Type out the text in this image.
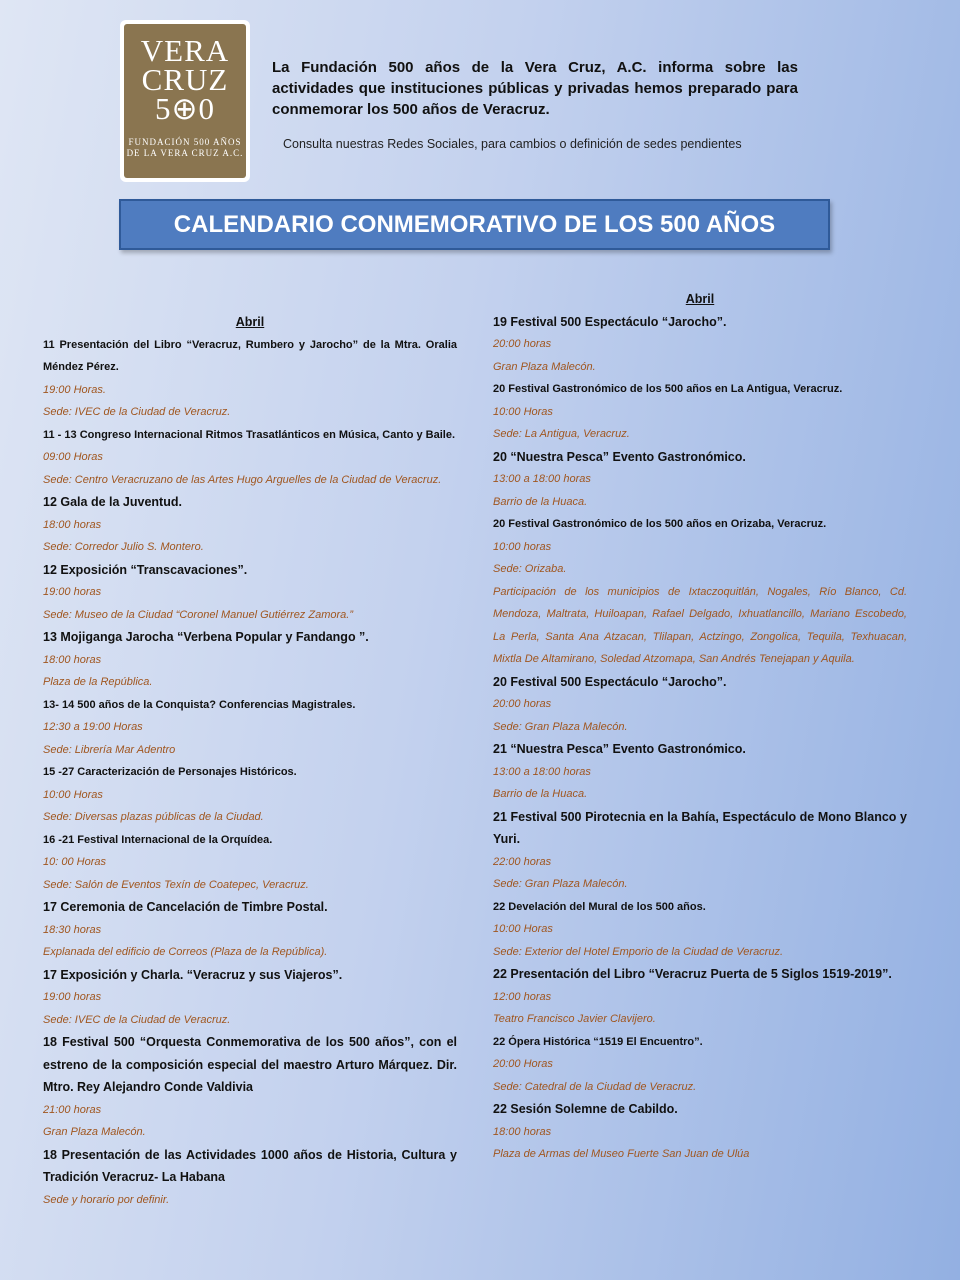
VERA
CRUZ
5⊕0
FUNDACIÓN 500 AÑOS
DE LA VERA CRUZ A.C.
La Fundación 500 años de la Vera Cruz, A.C. informa sobre las actividades que instituciones públicas y privadas hemos preparado para conmemorar los 500 años de Veracruz.
Consulta nuestras Redes Sociales, para cambios o definición de sedes pendientes
CALENDARIO CONMEMORATIVO DE LOS 500 AÑOS
Abril
11 Presentación del Libro “Veracruz, Rumbero y Jarocho” de la Mtra. Oralia Méndez Pérez.
19:00 Horas.
Sede: IVEC de la Ciudad de Veracruz.
11 - 13 Congreso Internacional Ritmos Trasatlánticos en Música, Canto y Baile.
09:00 Horas
Sede: Centro Veracruzano de las Artes Hugo Arguelles de la Ciudad de Veracruz.
12 Gala de la Juventud.
18:00 horas
Sede: Corredor Julio S. Montero.
12 Exposición “Transcavaciones”.
19:00 horas
Sede: Museo de la Ciudad “Coronel Manuel Gutiérrez Zamora.”
13 Mojiganga Jarocha “Verbena Popular y Fandango ”.
18:00 horas
Plaza de la República.
13- 14 500 años de la Conquista? Conferencias Magistrales.
12:30 a 19:00 Horas
Sede: Librería Mar Adentro
15 -27 Caracterización de Personajes Históricos.
10:00 Horas
Sede: Diversas plazas públicas de la Ciudad.
16 -21 Festival Internacional de la Orquídea.
10: 00 Horas
Sede: Salón de Eventos Texín de Coatepec, Veracruz.
17 Ceremonia de Cancelación de Timbre Postal.
18:30 horas
Explanada del edificio de Correos (Plaza de la República).
17 Exposición y Charla. “Veracruz y sus Viajeros”.
19:00 horas
Sede: IVEC de la Ciudad de Veracruz.
18 Festival 500 “Orquesta Conmemorativa de los 500 años”, con el estreno de la composición especial del maestro Arturo Márquez. Dir. Mtro. Rey Alejandro Conde Valdivia
21:00 horas
Gran Plaza Malecón.
18 Presentación de las Actividades 1000 años de Historia, Cultura y Tradición Veracruz- La Habana
Sede y horario por definir.
Abril
19 Festival 500 Espectáculo “Jarocho”.
20:00 horas
Gran Plaza Malecón.
20 Festival Gastronómico de los 500 años en La Antigua, Veracruz.
10:00 Horas
Sede: La Antigua, Veracruz.
20 “Nuestra Pesca” Evento Gastronómico.
13:00 a 18:00 horas
Barrio de la Huaca.
20 Festival Gastronómico de los 500 años en Orizaba, Veracruz.
10:00 horas
Sede: Orizaba.
Participación de los municipios de Ixtaczoquitlán, Nogales, Río Blanco, Cd. Mendoza, Maltrata, Huiloapan, Rafael Delgado, Ixhuatlancillo, Mariano Escobedo, La Perla, Santa Ana Atzacan, Tlilapan, Actzingo, Zongolica, Tequila, Texhuacan, Mixtla De Altamirano, Soledad Atzomapa, San Andrés Tenejapan y Aquila.
20 Festival 500 Espectáculo “Jarocho”.
20:00 horas
Sede: Gran Plaza Malecón.
21 “Nuestra Pesca” Evento Gastronómico.
13:00 a 18:00 horas
Barrio de la Huaca.
21 Festival 500 Pirotecnia en la Bahía, Espectáculo de Mono Blanco y Yuri.
22:00 horas
Sede: Gran Plaza Malecón.
22 Develación del Mural de los 500 años.
10:00 Horas
Sede: Exterior del Hotel Emporio de la Ciudad de Veracruz.
22 Presentación del Libro “Veracruz Puerta de 5 Siglos 1519-2019”.
12:00 horas
Teatro Francisco Javier Clavijero.
22 Ópera Histórica “1519 El Encuentro”.
20:00 Horas
Sede: Catedral de la Ciudad de Veracruz.
22 Sesión Solemne de Cabildo.
18:00 horas
Plaza de Armas del Museo Fuerte San Juan de Ulúa
